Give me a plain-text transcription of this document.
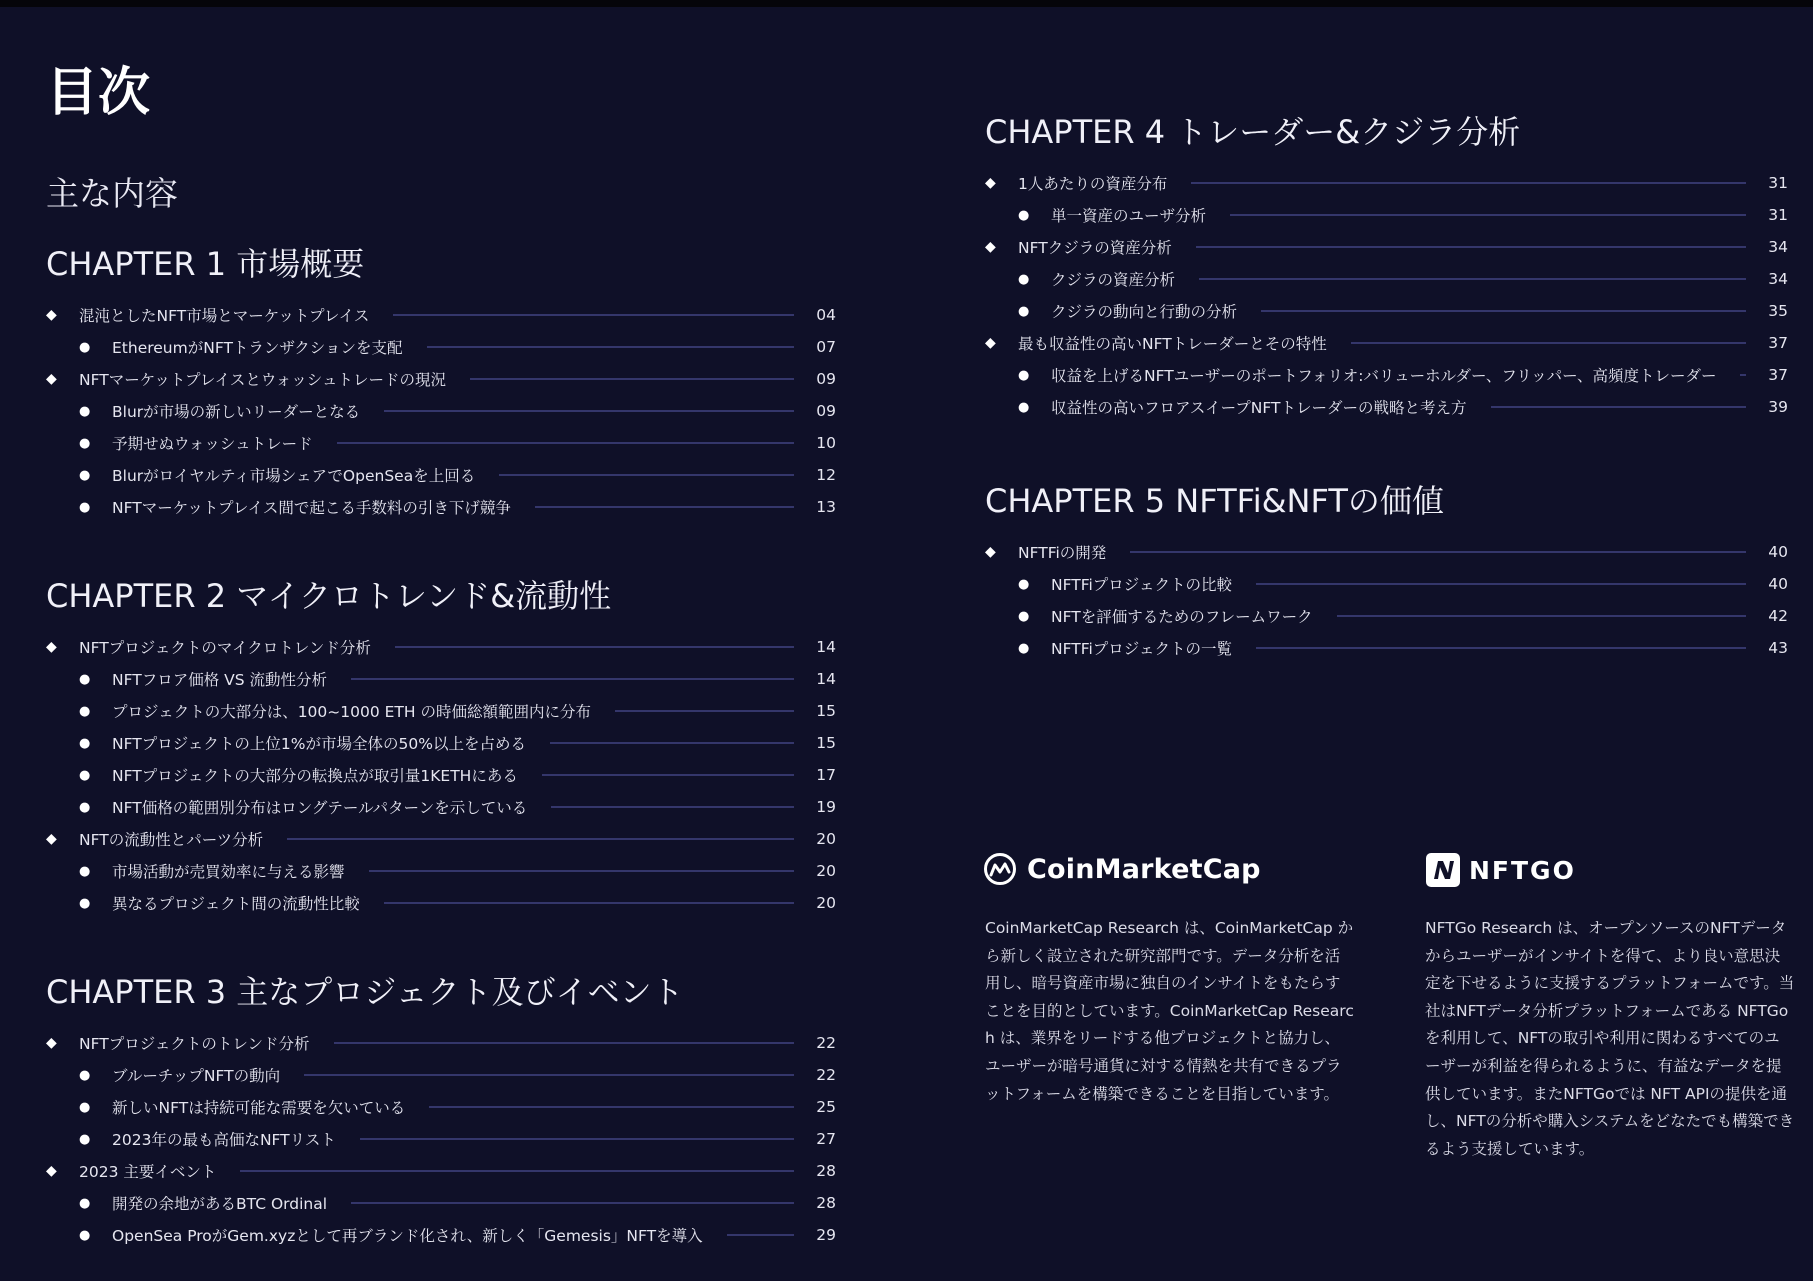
目次
主な内容
CHAPTER 1 市場概要
◆	混沌としたNFT市場とマーケットプレイス	04
●	EthereumがNFTトランザクションを支配	07
◆	NFTマーケットプレイスとウォッシュトレードの現況	09
●	Blurが市場の新しいリーダーとなる	09
●	予期せぬウォッシュトレード	10
●	Blurがロイヤルティ市場シェアでOpenSeaを上回る	12
●	NFTマーケットプレイス間で起こる手数料の引き下げ競争	13
CHAPTER 2 マイクロトレンド&流動性
◆	NFTプロジェクトのマイクロトレンド分析	14
●	NFTフロア価格 VS 流動性分析	14
●	プロジェクトの大部分は、100~1000 ETH の時価総額範囲内に分布	15
●	NFTプロジェクトの上位1%が市場全体の50%以上を占める	15
●	NFTプロジェクトの大部分の転換点が取引量1KETHにある	17
●	NFT価格の範囲別分布はロングテールパターンを示している	19
◆	NFTの流動性とパーツ分析	20
●	市場活動が売買効率に与える影響	20
●	異なるプロジェクト間の流動性比較	20
CHAPTER 3 主なプロジェクト及びイベント
◆	NFTプロジェクトのトレンド分析	22
●	ブルーチップNFTの動向	22
●	新しいNFTは持続可能な需要を欠いている	25
●	2023年の最も高価なNFTリスト	27
◆	2023 主要イベント	28
●	開発の余地があるBTC Ordinal	28
●	OpenSea ProがGem.xyzとして再ブランド化され、新しく「Gemesis」NFTを導入	29
CHAPTER 4 トレーダー&クジラ分析
◆	1人あたりの資産分布	31
●	単一資産のユーザ分析	31
◆	NFTクジラの資産分析	34
●	クジラの資産分析	34
●	クジラの動向と行動の分析	35
◆	最も収益性の高いNFTトレーダーとその特性	37
●	収益を上げるNFTユーザーのポートフォリオ:バリューホルダー、フリッパー、高頻度トレーダー	37
●	収益性の高いフロアスイープNFTトレーダーの戦略と考え方	39
CHAPTER 5 NFTFi&NFTの価値
◆	NFTFiの開発	40
●	NFTFiプロジェクトの比較	40
●	NFTを評価するためのフレームワーク	42
●	NFTFiプロジェクトの一覧	43
CoinMarketCap

CoinMarketCap Research は、CoinMarketCap から新しく設立された研究部門です。データ分析を活用し、暗号資産市場に独自のインサイトをもたらすことを目的としています。CoinMarketCap Research は、業界をリードする他プロジェクトと協力し、ユーザーが暗号通貨に対する情熱を共有できるプラットフォームを構築できることを目指しています。

NFTGO

NFTGo Research は、オープンソースのNFTデータからユーザーがインサイトを得て、より良い意思決定を下せるように支援するプラットフォームです。当社はNFTデータ分析プラットフォームである NFTGoを利用して、NFTの取引や利用に関わるすべてのユーザーが利益を得られるように、有益なデータを提供しています。またNFTGoでは NFT APIの提供を通し、NFTの分析や購入システムをどなたでも構築できるよう支援しています。
